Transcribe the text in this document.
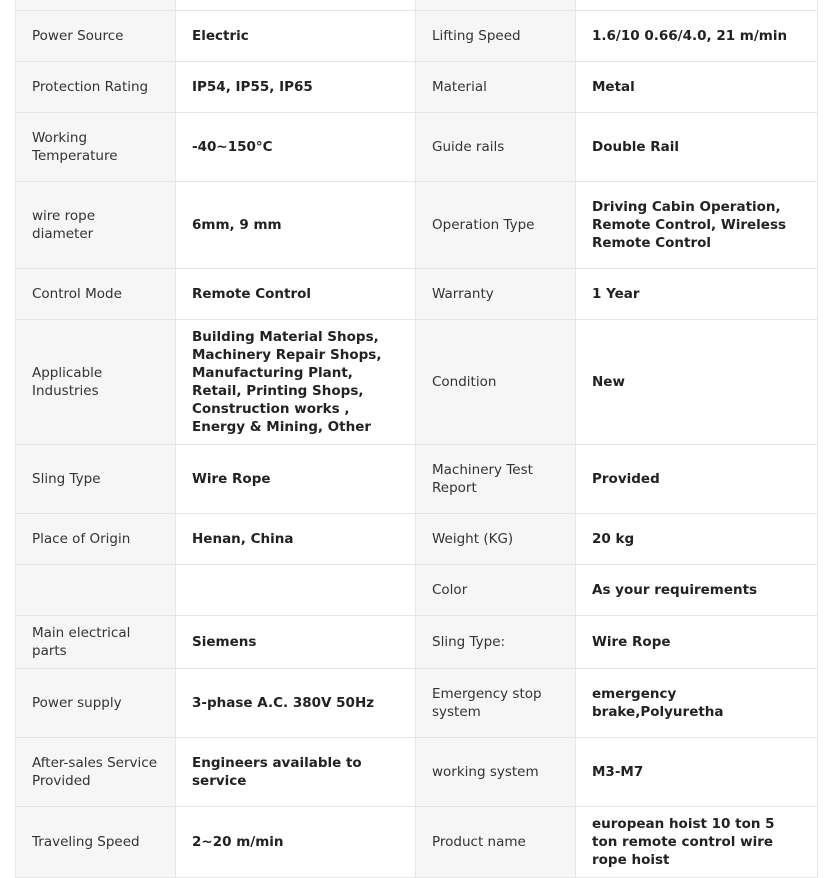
Power Source	Electric	Lifting Speed	1.6/10 0.66/4.0, 21 m/min
Protection Rating	IP54, IP55, IP65	Material	Metal
Working Temperature	-40~150°C	Guide rails	Double Rail
wire rope diameter	6mm, 9 mm	Operation Type	Driving Cabin Operation, Remote Control, Wireless Remote Control
Control Mode	Remote Control	Warranty	1 Year
Applicable Industries	Building Material Shops, Machinery Repair Shops, Manufacturing Plant, Retail, Printing Shops, Construction works , Energy & Mining, Other	Condition	New
Sling Type	Wire Rope	Machinery Test Report	Provided
Place of Origin	Henan, China	Weight (KG)	20 kg
		Color	As your requirements
Main electrical parts	Siemens	Sling Type:	Wire Rope
Power supply	3-phase A.C. 380V 50Hz	Emergency stop system	emergency brake,Polyuretha
After-sales Service Provided	Engineers available to service	working system	M3-M7
Traveling Speed	2~20 m/min	Product name	european hoist 10 ton 5 ton remote control wire rope hoist
